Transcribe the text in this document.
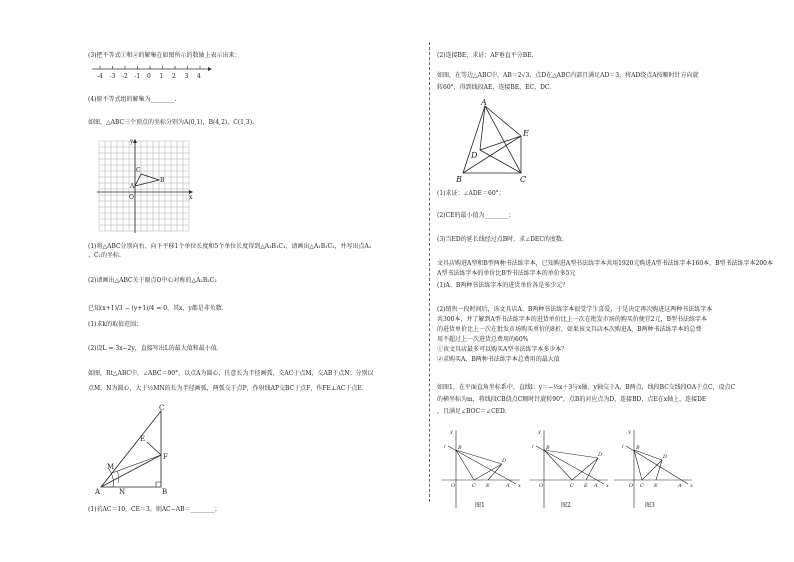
(3)把不等式①和②的解集在如图所示的数轴上表示出来：
-4 -3 -2 -1 0 1 2 3 4
(4)原不等式组的解集为________.
如图，△ABC三个顶点的坐标分别为A(0,1)，B(4,2)，C(1,3).
y
x
O
A
B
C
(1)将△ABC分别向右、向下平移1个单位长度和5个单位长度得到△A₁B₁C₁，请画出△A₁B₁C₁，并写出点A₁
、C₁的坐标.
(2)请画出△ABC关于原点O中心对称的△A₂B₂C₂
已知(x+1)/3 − (y+1)/4 = 0，其x、y都是非负数.
(1)求k的取值范围；
(2)设L = 3x−2y，直接写出L的最大值和最小值.
如图，Rt△ABC中，∠ABC＝90°，以点A为圆心，任意长为半径画弧，交AC于点M，交AB于点N；分别以
点M、N为圆心，大于½MN的长为半径画弧，两弧交于点P，作射线AP交BC于点F，作FE⊥AC于点E.
C
E
F
M
A	N	B
(1)若AC＝10，CE＝3，则AC−AB＝________；
(2)连接BE，求证：AF垂直平分BE.
如图，在等边△ABC中，AB＝2√3，点D在△ABC内部且满足AD＝3，将AD绕点A按顺时针方向旋
转60°，得到线段AE，连接BE，EC，DC.
A
B	C
D
E
(1)求证：∠ADE＝60°；
(2)CE的最小值为________；
(3)当ED的延长线经过点B时，求∠DEC的度数.
文具店购进A型和B型两种书法练字本，已知购进A型书法练字本共用1920元购进A型书法练字本160本，B型书法练字本200本
A型书法练字本的单价比B型书法练字本的单价多5元
(1)A、B两种书法练字本的进货单价各是多少元？
(2)销售一段时间后，该文具店A、B两种书法练字本很受学生喜爱，于是决定再次购进这两种书法练字本
共300本，并了解到A型书法练字本的进货单价比上一次在批发市场的购买价便宜2元，B型书法练字本
的进货单价比上一次在批发市场购买单价的8折，如果该文具店本次购进A、B两种书法练字本的总费
用不超过上一次进货总费用的60%
①该文具店最多可以购买A型书法练字本多少本？
②求购买A、B两种书法练字本总费用的最大值
如图1，在平面直角坐标系中，直线l：y＝−⅓x＋3与x轴、y轴交于A，B两点，线段BC交线段OA于点C，设点C
的横坐标为m，将线段CB绕点C顺时针旋转90°，点B的对应点为D，连接BD，点E在x轴上，连接DE
，且满足∠BOC＝∠CED.
y
x
O
l B
C E
D
A
图1
y
x
O
l B
C E
D
A
图2
y
x
O
l B
C E
D
A
图3
